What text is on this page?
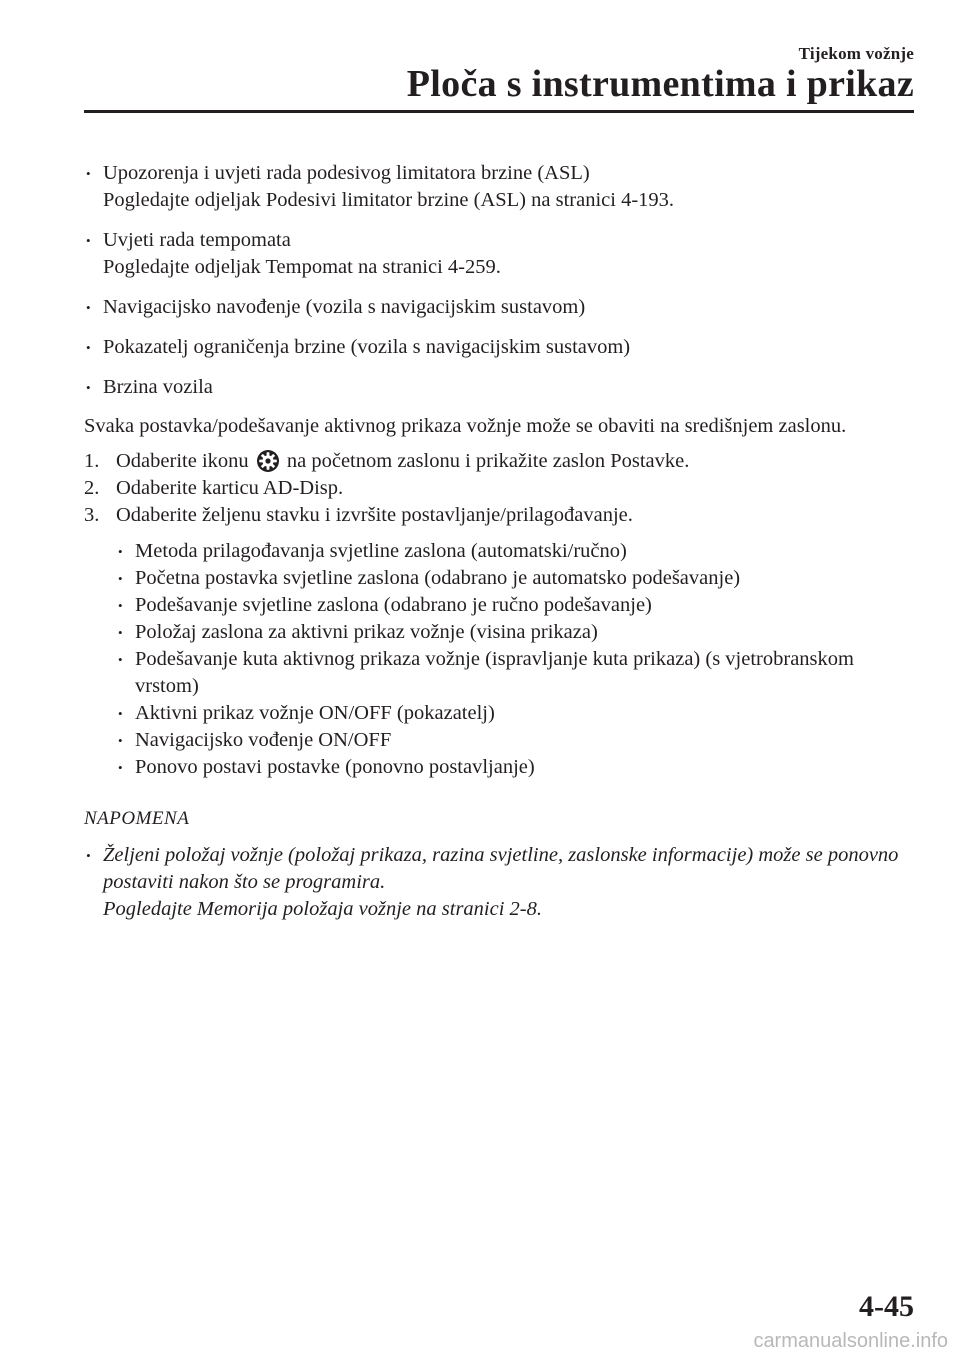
Tijekom vožnje
Ploča s instrumentima i prikaz
• Upozorenja i uvjeti rada podesivog limitatora brzine (ASL)
Pogledajte odjeljak Podesivi limitator brzine (ASL) na stranici 4-193.
• Uvjeti rada tempomata
Pogledajte odjeljak Tempomat na stranici 4-259.
• Navigacijsko navođenje (vozila s navigacijskim sustavom)
• Pokazatelj ograničenja brzine (vozila s navigacijskim sustavom)
• Brzina vozila
Svaka postavka/podešavanje aktivnog prikaza vožnje može se obaviti na središnjem zaslonu.
1. Odaberite ikonu na početnom zaslonu i prikažite zaslon Postavke.
2. Odaberite karticu AD-Disp.
3. Odaberite željenu stavku i izvršite postavljanje/prilagođavanje.
• Metoda prilagođavanja svjetline zaslona (automatski/ručno)
• Početna postavka svjetline zaslona (odabrano je automatsko podešavanje)
• Podešavanje svjetline zaslona (odabrano je ručno podešavanje)
• Položaj zaslona za aktivni prikaz vožnje (visina prikaza)
• Podešavanje kuta aktivnog prikaza vožnje (ispravljanje kuta prikaza) (s vjetrobranskom vrstom)
• Aktivni prikaz vožnje ON/OFF (pokazatelj)
• Navigacijsko vođenje ON/OFF
• Ponovo postavi postavke (ponovno postavljanje)
NAPOMENA
• Željeni položaj vožnje (položaj prikaza, razina svjetline, zaslonske informacije) može se ponovno postaviti nakon što se programira.
Pogledajte Memorija položaja vožnje na stranici 2-8.
4-45
carmanualsonline.info
